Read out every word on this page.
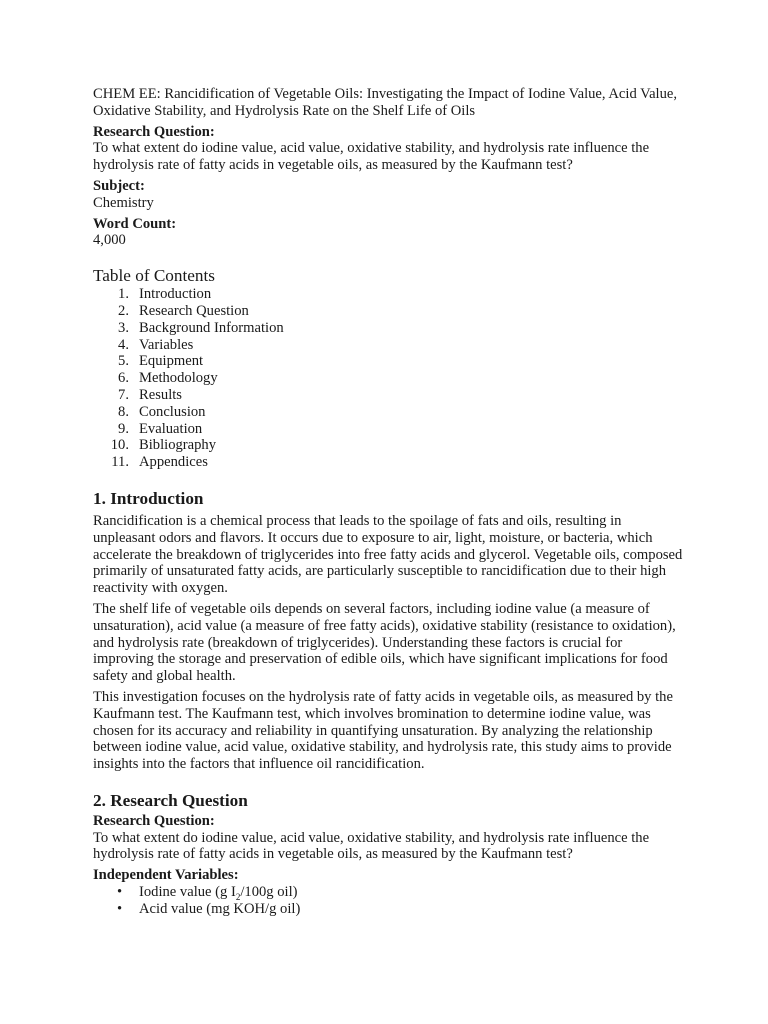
CHEM EE: Rancidification of Vegetable Oils: Investigating the Impact of Iodine Value, Acid Value, Oxidative Stability, and Hydrolysis Rate on the Shelf Life of Oils

Research Question:

To what extent do iodine value, acid value, oxidative stability, and hydrolysis rate influence the hydrolysis rate of fatty acids in vegetable oils, as measured by the Kaufmann test?

Subject:

Chemistry

Word Count:

4,000

Table of Contents
1. Introduction
2. Research Question
3. Background Information
4. Variables
5. Equipment
6. Methodology
7. Results
8. Conclusion
9. Evaluation
10. Bibliography
11. Appendices
1. Introduction

Rancidification is a chemical process that leads to the spoilage of fats and oils, resulting in unpleasant odors and flavors. It occurs due to exposure to air, light, moisture, or bacteria, which accelerate the breakdown of triglycerides into free fatty acids and glycerol. Vegetable oils, composed primarily of unsaturated fatty acids, are particularly susceptible to rancidification due to their high reactivity with oxygen.

The shelf life of vegetable oils depends on several factors, including iodine value (a measure of unsaturation), acid value (a measure of free fatty acids), oxidative stability (resistance to oxidation), and hydrolysis rate (breakdown of triglycerides). Understanding these factors is crucial for improving the storage and preservation of edible oils, which have significant implications for food safety and global health.

This investigation focuses on the hydrolysis rate of fatty acids in vegetable oils, as measured by the Kaufmann test. The Kaufmann test, which involves bromination to determine iodine value, was chosen for its accuracy and reliability in quantifying unsaturation. By analyzing the relationship between iodine value, acid value, oxidative stability, and hydrolysis rate, this study aims to provide insights into the factors that influence oil rancidification.

2. Research Question

Research Question:

To what extent do iodine value, acid value, oxidative stability, and hydrolysis rate influence the hydrolysis rate of fatty acids in vegetable oils, as measured by the Kaufmann test?

Independent Variables:

• Iodine value (g $I_2/100g$ oil)
• Acid value (mg KOH/g oil)
